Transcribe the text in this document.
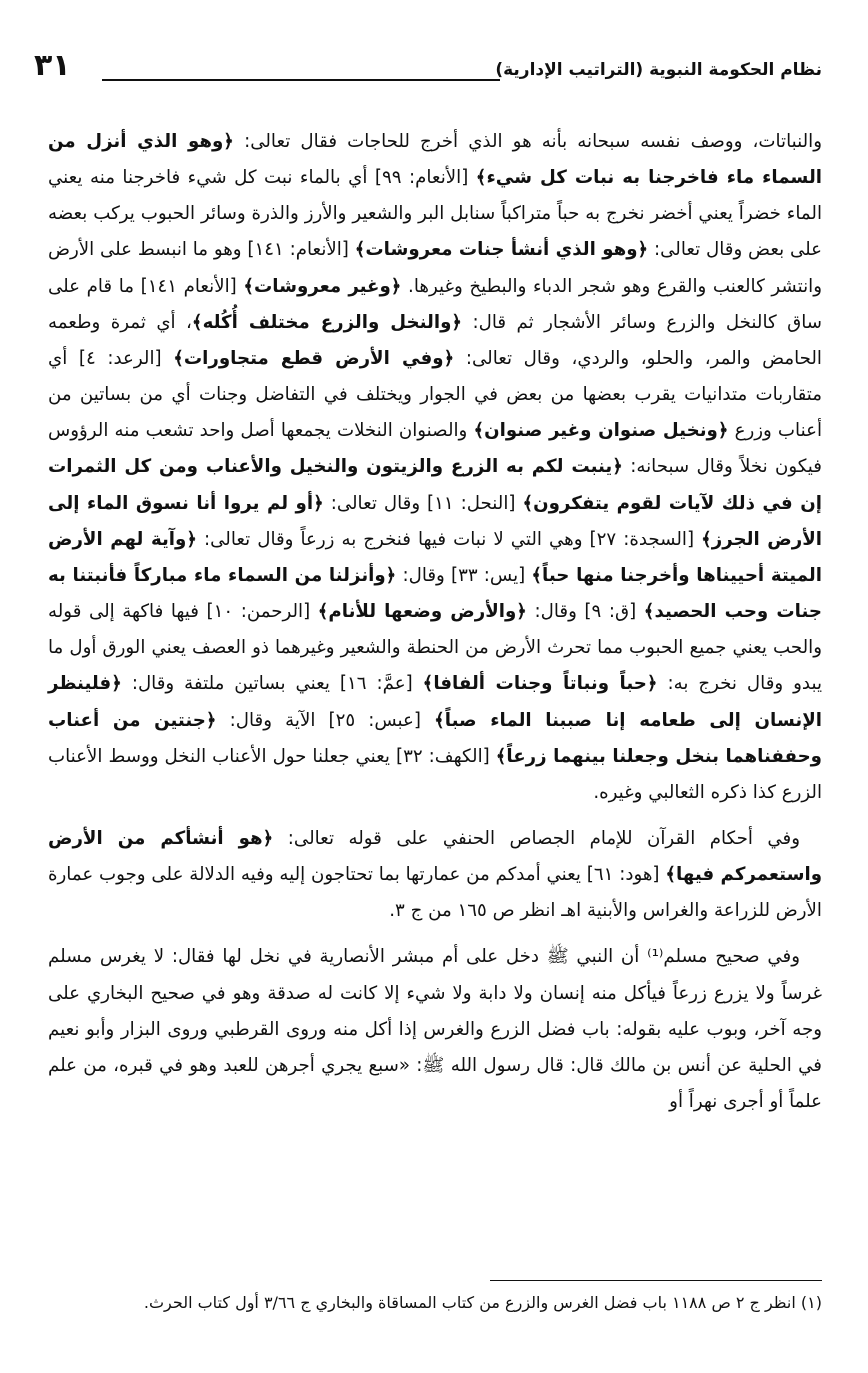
نظام الحكومة النبوية (التراتيب الإدارية)
٣١

والنباتات، ووصف نفسه سبحانه بأنه هو الذي أخرج للحاجات فقال تعالى: ﴿وهو الذي أنزل من السماء ماء فاخرجنا به نبات كل شيء﴾ [الأنعام: ٩٩] أي بالماء نبت كل شيء فاخرجنا منه يعني الماء خضراً يعني أخضر نخرج به حباً متراكباً سنابل البر والشعير والأرز والذرة وسائر الحبوب يركب بعضه على بعض وقال تعالى: ﴿وهو الذي أنشأ جنات معروشات﴾ [الأنعام: ١٤١] وهو ما انبسط على الأرض وانتشر كالعنب والقرع وهو شجر الدباء والبطيخ وغيرها. ﴿وغير معروشات﴾ [الأنعام ١٤١] ما قام على ساق كالنخل والزرع وسائر الأشجار ثم قال: ﴿والنخل والزرع مختلف أُكُله﴾، أي ثمرة وطعمه الحامض والمر، والحلو، والردي، وقال تعالى: ﴿وفي الأرض قطع متجاورات﴾ [الرعد: ٤] أي متقاربات متدانيات يقرب بعضها من بعض في الجوار ويختلف في التفاضل وجنات أي من بساتين من أعناب وزرع ﴿ونخيل صنوان وغير صنوان﴾ والصنوان النخلات يجمعها أصل واحد تشعب منه الرؤوس فيكون نخلاً وقال سبحانه: ﴿ينبت لكم به الزرع والزيتون والنخيل والأعناب ومن كل الثمرات إن في ذلك لآيات لقوم يتفكرون﴾ [النحل: ١١] وقال تعالى: ﴿أو لم يروا أنا نسوق الماء إلى الأرض الجرز﴾ [السجدة: ٢٧] وهي التي لا نبات فيها فنخرج به زرعاً وقال تعالى: ﴿وآية لهم الأرض الميتة أحييناها وأخرجنا منها حباً﴾ [يس: ٣٣] وقال: ﴿وأنزلنا من السماء ماء مباركاً فأنبتنا به جنات وحب الحصيد﴾ [ق: ٩] وقال: ﴿والأرض وضعها للأنام﴾ [الرحمن: ١٠] فيها فاكهة إلى قوله والحب يعني جميع الحبوب مما تحرث الأرض من الحنطة والشعير وغيرهما ذو العصف يعني الورق أول ما يبدو وقال نخرج به: ﴿حباً ونباتاً وجنات ألفافا﴾ [عمَّ: ١٦] يعني بساتين ملتفة وقال: ﴿فلينظر الإنسان إلى طعامه إنا صببنا الماء صباً﴾ [عبس: ٢٥] الآية وقال: ﴿جنتين من أعناب وحففناهما بنخل وجعلنا بينهما زرعاً﴾ [الكهف: ٣٢] يعني جعلنا حول الأعناب النخل ووسط الأعناب الزرع كذا ذكره الثعالبي وغيره.

وفي أحكام القرآن للإمام الجصاص الحنفي على قوله تعالى: ﴿هو أنشأكم من الأرض واستعمركم فيها﴾ [هود: ٦١] يعني أمدكم من عمارتها بما تحتاجون إليه وفيه الدلالة على وجوب عمارة الأرض للزراعة والغراس والأبنية اهـ انظر ص ١٦٥ من ج ٣.

وفي صحيح مسلم⁽¹⁾ أن النبي ﷺ دخل على أم مبشر الأنصارية في نخل لها فقال: لا يغرس مسلم غرساً ولا يزرع زرعاً فيأكل منه إنسان ولا دابة ولا شيء إلا كانت له صدقة وهو في صحيح البخاري على وجه آخر، وبوب عليه بقوله: باب فضل الزرع والغرس إذا أكل منه وروى القرطبي وروى البزار وأبو نعيم في الحلية عن أنس بن مالك قال: قال رسول الله ﷺ: «سبع يجري أجرهن للعبد وهو في قبره، من علم علماً أو أجرى نهراً أو

(١) انظر ج ٢ ص ١١٨٨ باب فضل الغرس والزرع من كتاب المساقاة والبخاري ج ٣/٦٦ أول كتاب الحرث.
